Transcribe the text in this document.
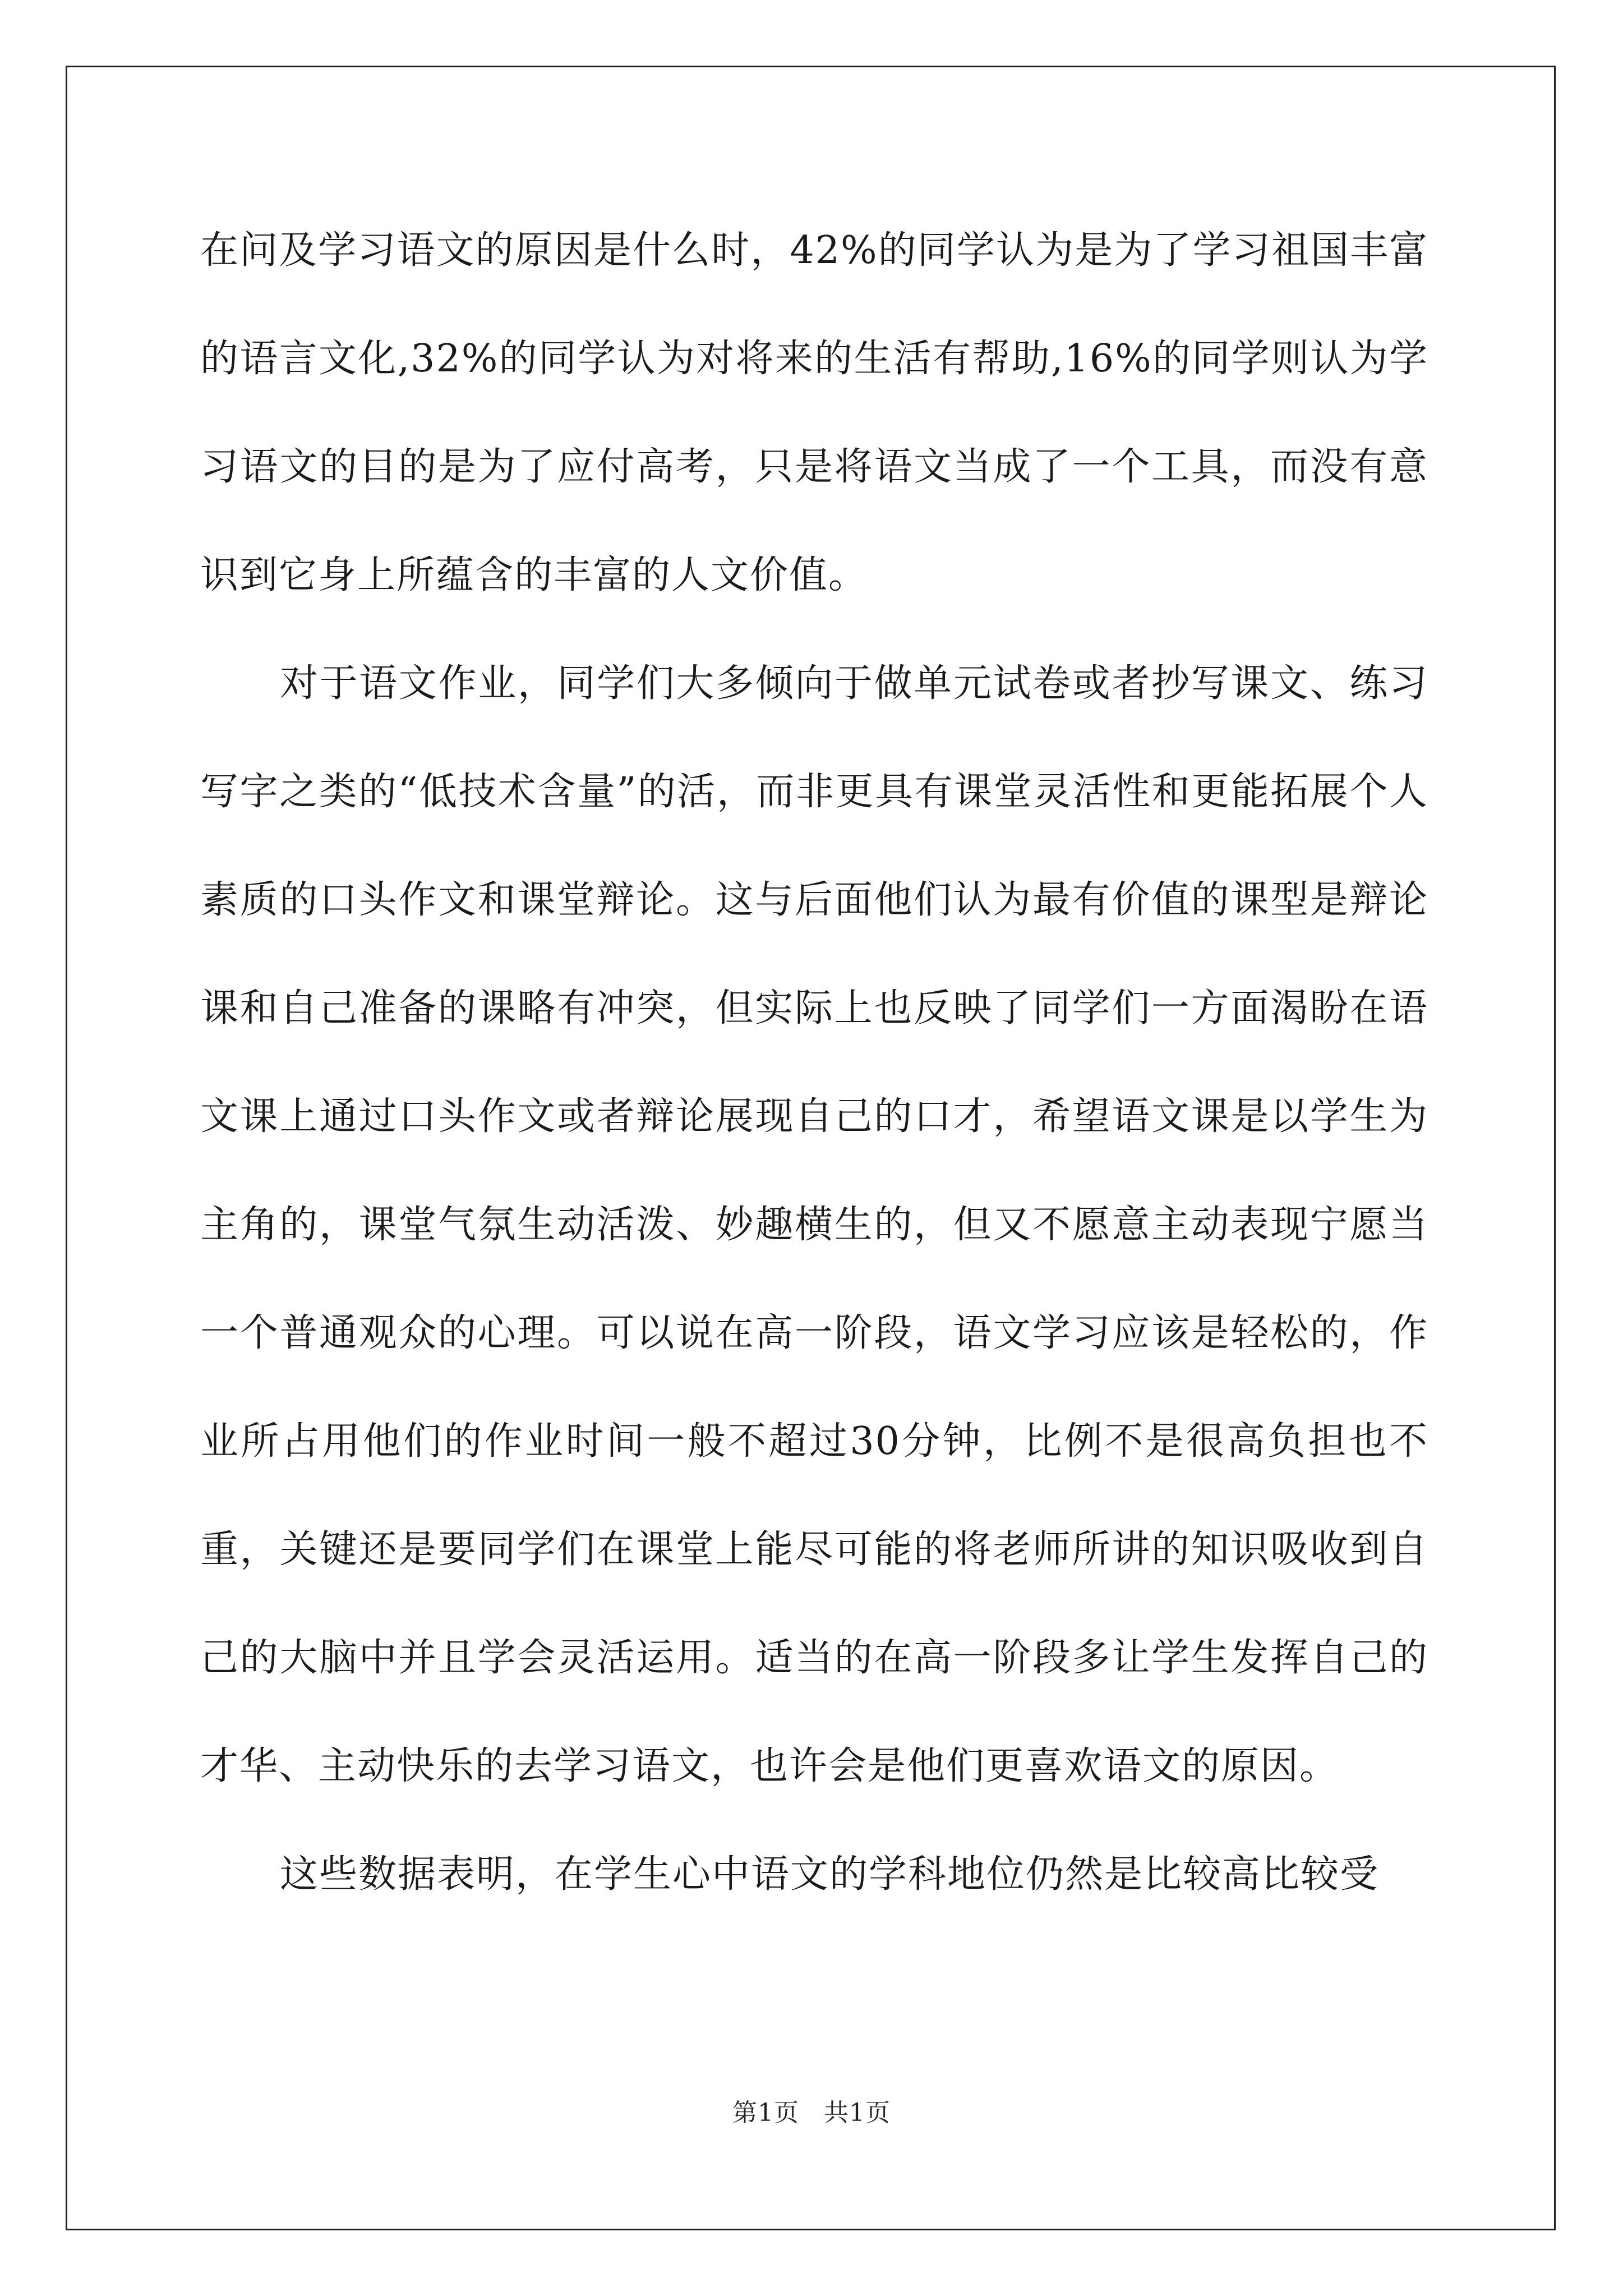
在问及学习语文的原因是什么时，42%的同学认为是为了学习祖国丰富的语言文化,32%的同学认为对将来的生活有帮助,16%的同学则认为学习语文的目的是为了应付高考，只是将语文当成了一个工具，而没有意识到它身上所蕴含的丰富的人文价值。

对于语文作业，同学们大多倾向于做单元试卷或者抄写课文、练习写字之类的“低技术含量”的活，而非更具有课堂灵活性和更能拓展个人素质的口头作文和课堂辩论。这与后面他们认为最有价值的课型是辩论课和自己准备的课略有冲突，但实际上也反映了同学们一方面渴盼在语文课上通过口头作文或者辩论展现自己的口才，希望语文课是以学生为主角的，课堂气氛生动活泼、妙趣横生的，但又不愿意主动表现宁愿当一个普通观众的心理。可以说在高一阶段，语文学习应该是轻松的，作业所占用他们的作业时间一般不超过30分钟，比例不是很高负担也不重，关键还是要同学们在课堂上能尽可能的将老师所讲的知识吸收到自己的大脑中并且学会灵活运用。适当的在高一阶段多让学生发挥自己的才华、主动快乐的去学习语文，也许会是他们更喜欢语文的原因。

这些数据表明，在学生心中语文的学科地位仍然是比较高比较受

第1页 共1页
